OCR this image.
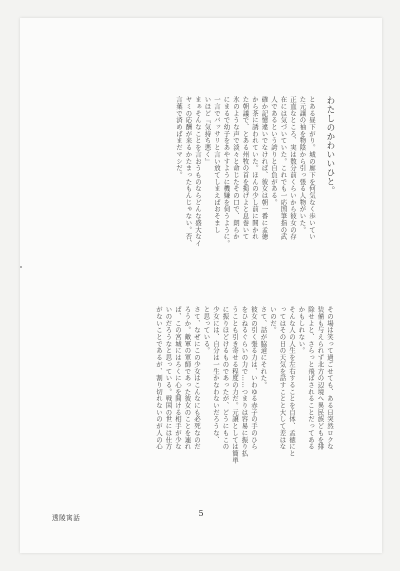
わたしのかわいいひと。

とある昼下がり。城の廊下を何気なく歩いてい

た元譲の袖を物陰から引っ張る人物がいた。

正直なところ、実は数分前くらいから彼女の存

在には気づいていた。これでも一応国筆指の武

人であるという誇りと自負がある。

確か記憶違いでなければ、彼女は朝一番に孟徳

から茶に誘われていた。ほんの少し前に開かれ

た朝議で、とある州牧の首を掲げよと息巻いて

氷のような声で淡々と命じたその口で、朗らか

にまるで幼子をあやすように機嫌を伺うように。

一言でバッサリと言い放てしまえばおそまし

いほど『気持ち悪く』

まぁそんなことを言おうものならどんな盛大なイ

ヤミの応酬が来るかたまったもんじゃない。否、

言葉で済めばまだマシだ。

その場は笑って過ごせても、ある日突然ロクな

装備も与えられず北方の辺境へ異民族どもを排

除せよと、さらっと飛ばされることだってある

かもしれない。

そんな人の人生を左右することを自体、孟徳にと

ってはその日の天気を話すことと大して差はな

いのだ。

さて、話が脇道にそれた。

彼女の引く張る力は、いわゆる赤子の手のひら

をひねるぐらいの力で……つまりは容易に振り払

うことも引き寄せる程度の力だ。元譲としては簡単

に振りほどけるものであったが、どうにもこの

少女には、自分は一生かなわないだろうな、

と思っている。

さて、なぜにこの少女はこんなにも必死なのだ

ろうか。敵軍の軍師であった彼女のことを連れ

ば、この宮城にはろくに心を開ける相手が少な

いのだろうなと思っている。戦国の世には仕方

がないことであるが、割り切れないのが人の心

透陵寓話	5
